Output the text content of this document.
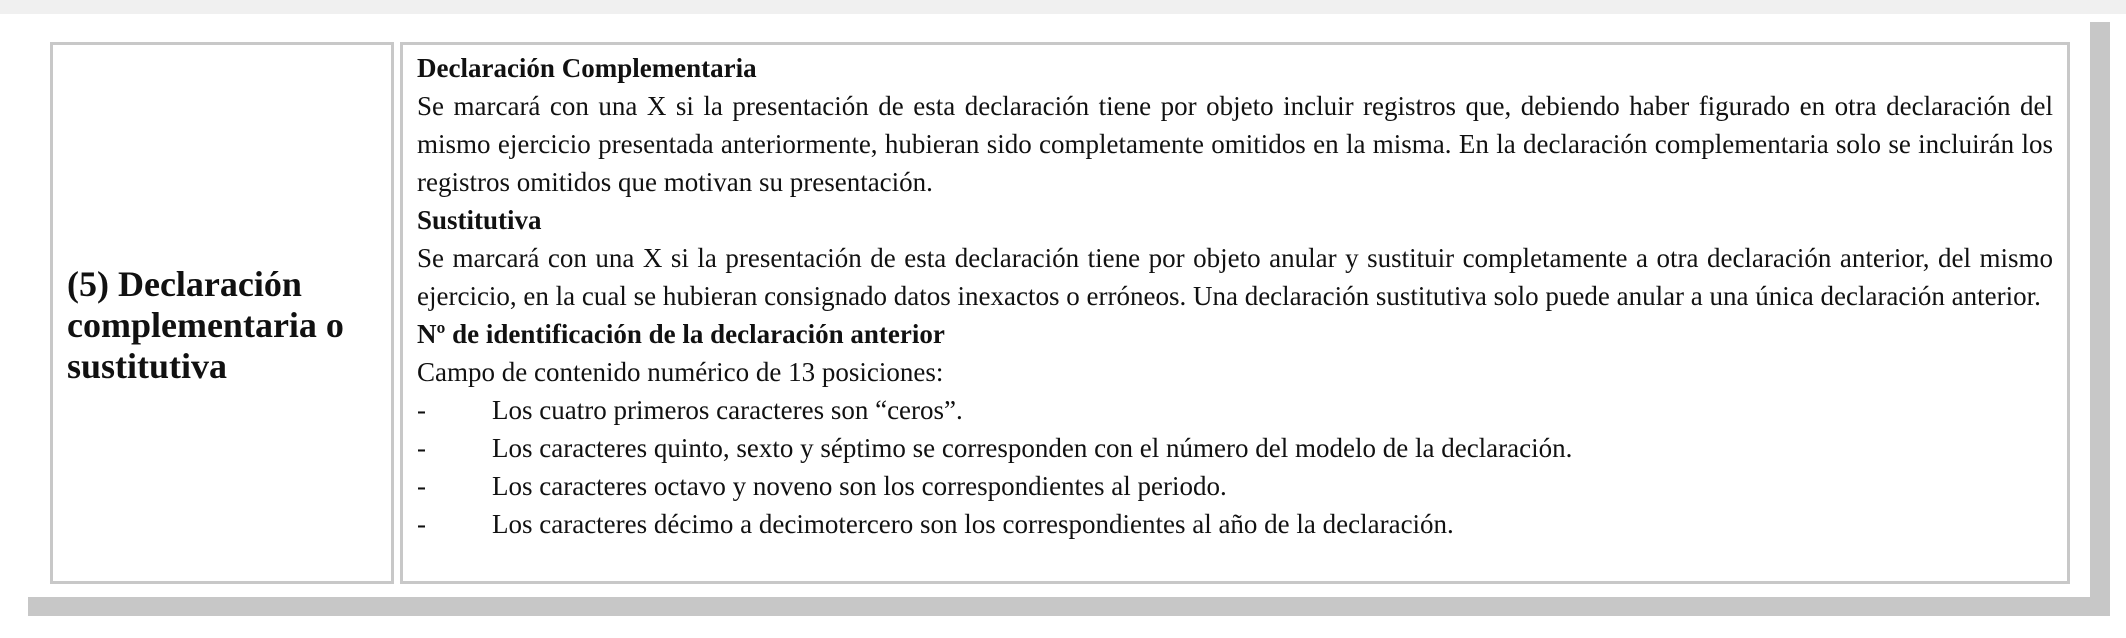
(5) Declaración complementaria o sustitutiva

Declaración Complementaria

Se marcará con una X si la presentación de esta declaración tiene por objeto incluir registros que, debiendo haber figurado en otra declaración del mismo ejercicio presentada anteriormente, hubieran sido completamente omitidos en la misma. En la declaración complementaria solo se incluirán los registros omitidos que motivan su presentación.

Sustitutiva

Se marcará con una X si la presentación de esta declaración tiene por objeto anular y sustituir completamente a otra declaración anterior, del mismo ejercicio, en la cual se hubieran consignado datos inexactos o erróneos. Una declaración sustitutiva solo puede anular a una única declaración anterior.

Nº de identificación de la declaración anterior

Campo de contenido numérico de 13 posiciones:

-	Los cuatro primeros caracteres son “ceros”.
-	Los caracteres quinto, sexto y séptimo se corresponden con el número del modelo de la declaración.
-	Los caracteres octavo y noveno son los correspondientes al periodo.
-	Los caracteres décimo a decimotercero son los correspondientes al año de la declaración.
